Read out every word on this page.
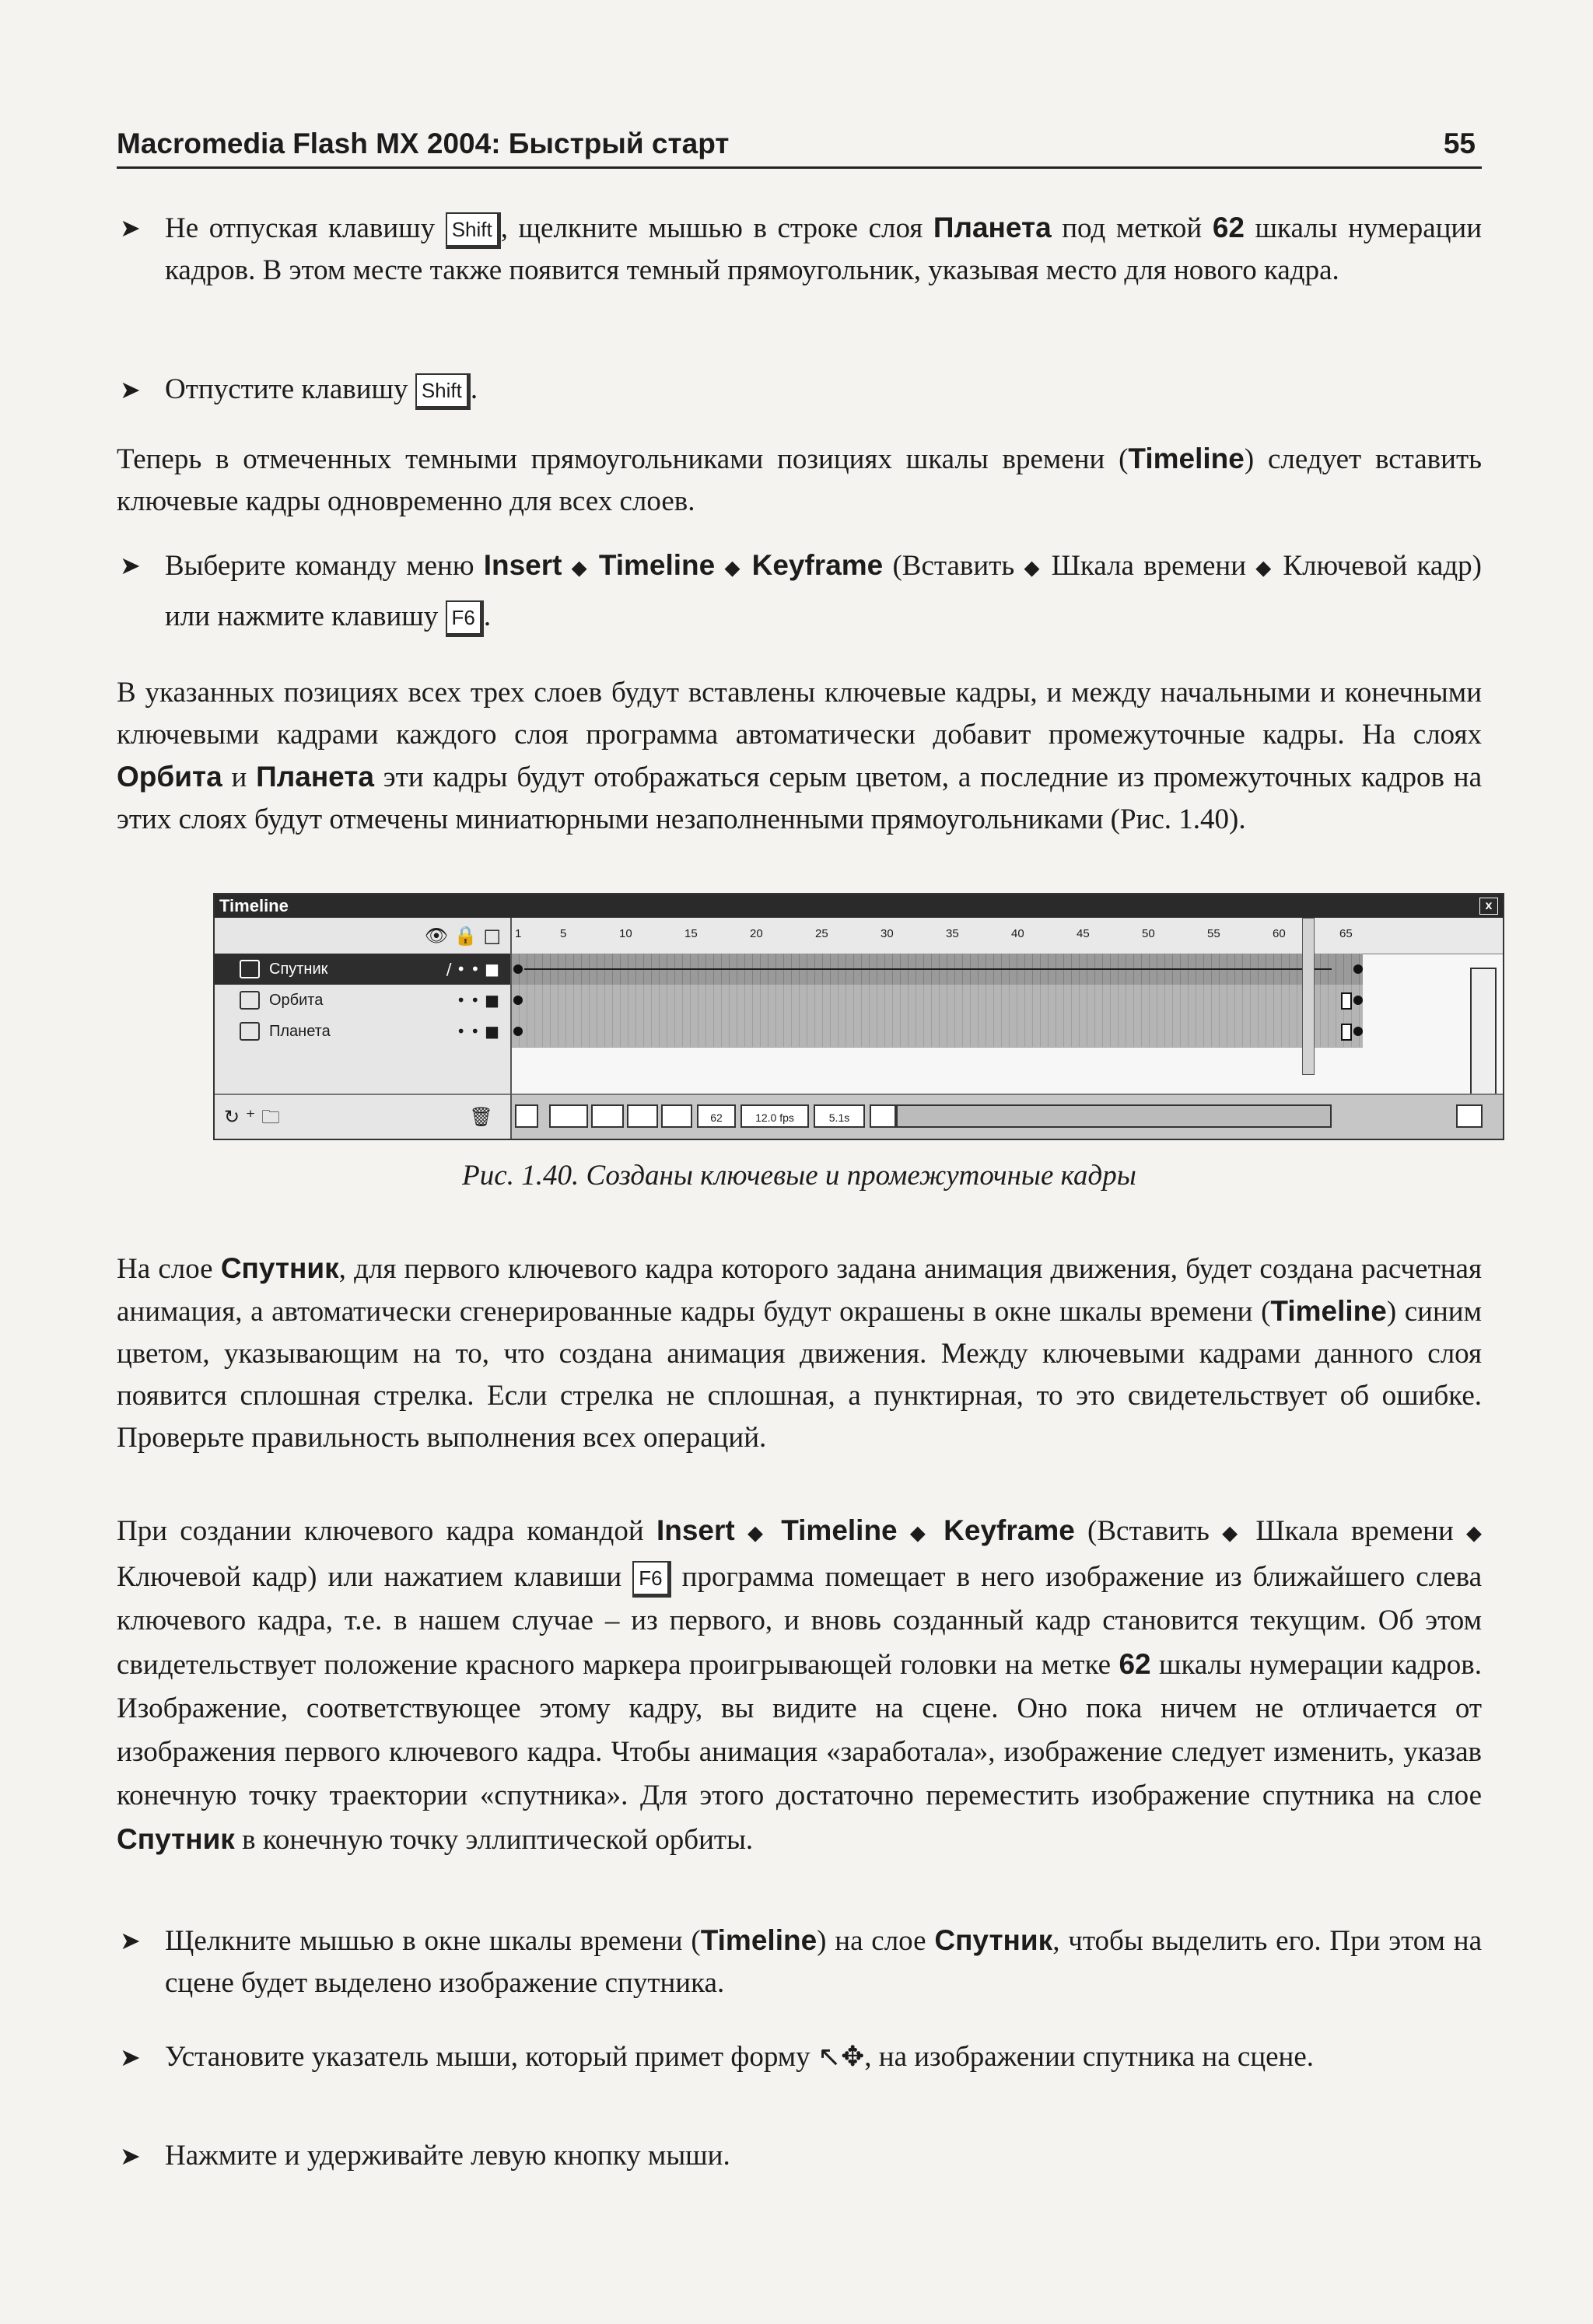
Macromedia Flash MX 2004: Быстрый старт	55
➤ Не отпуская клавишу Shift , щелкните мышью в строке слоя Планета под меткой 62 шкалы нумерации кадров. В этом месте также появится темный прямоугольник, указывая место для нового кадра.
➤ Отпустите клавишу Shift .
Теперь в отмеченных темными прямоугольниками позициях шкалы времени (Timeline) следует вставить ключевые кадры одновременно для всех слоев.
➤ Выберите команду меню Insert ◆ Timeline ◆ Keyframe (Вставить ◆ Шкала времени ◆ Ключевой кадр) или нажмите клавишу F6 .
В указанных позициях всех трех слоев будут вставлены ключевые кадры, и между начальными и конечными ключевыми кадрами каждого слоя программа автоматически добавит промежуточные кадры. На слоях Орбита и Планета эти кадры будут отображаться серым цветом, а последние из промежуточных кадров на этих слоях будут отмечены миниатюрными незаполненными прямоугольниками (Рис. 1.40).
Timeline	x
👁 🔒 □
Спутник	/ • • ■
Орбита	• • ■
Планета	• • ■
↻ ⁺ 🗀	🗑
1	5	10	15	20	25	30	35	40	45	50	55	60	65
62	12.0 fps	5.1s
Рис. 1.40. Созданы ключевые и промежуточные кадры
На слое Спутник, для первого ключевого кадра которого задана анимация движения, будет создана расчетная анимация, а автоматически сгенерированные кадры будут окрашены в окне шкалы времени (Timeline) синим цветом, указывающим на то, что создана анимация движения. Между ключевыми кадрами данного слоя появится сплошная стрелка. Если стрелка не сплошная, а пунктирная, то это свидетельствует об ошибке. Проверьте правильность выполнения всех операций.
При создании ключевого кадра командой Insert ◆ Timeline ◆ Keyframe (Вставить ◆ Шкала времени ◆ Ключевой кадр) или нажатием клавиши F6 программа помещает в него изображение из ближайшего слева ключевого кадра, т.е. в нашем случае – из первого, и вновь созданный кадр становится текущим. Об этом свидетельствует положение красного маркера проигрывающей головки на метке 62 шкалы нумерации кадров. Изображение, соответствующее этому кадру, вы видите на сцене. Оно пока ничем не отличается от изображения первого ключевого кадра. Чтобы анимация «заработала», изображение следует изменить, указав конечную точку траектории «спутника». Для этого достаточно переместить изображение спутника на слое Спутник в конечную точку эллиптической орбиты.
➤ Щелкните мышью в окне шкалы времени (Timeline) на слое Спутник, чтобы выделить его. При этом на сцене будет выделено изображение спутника.
➤ Установите указатель мыши, который примет форму ↖✥, на изображении спутника на сцене.
➤ Нажмите и удерживайте левую кнопку мыши.
